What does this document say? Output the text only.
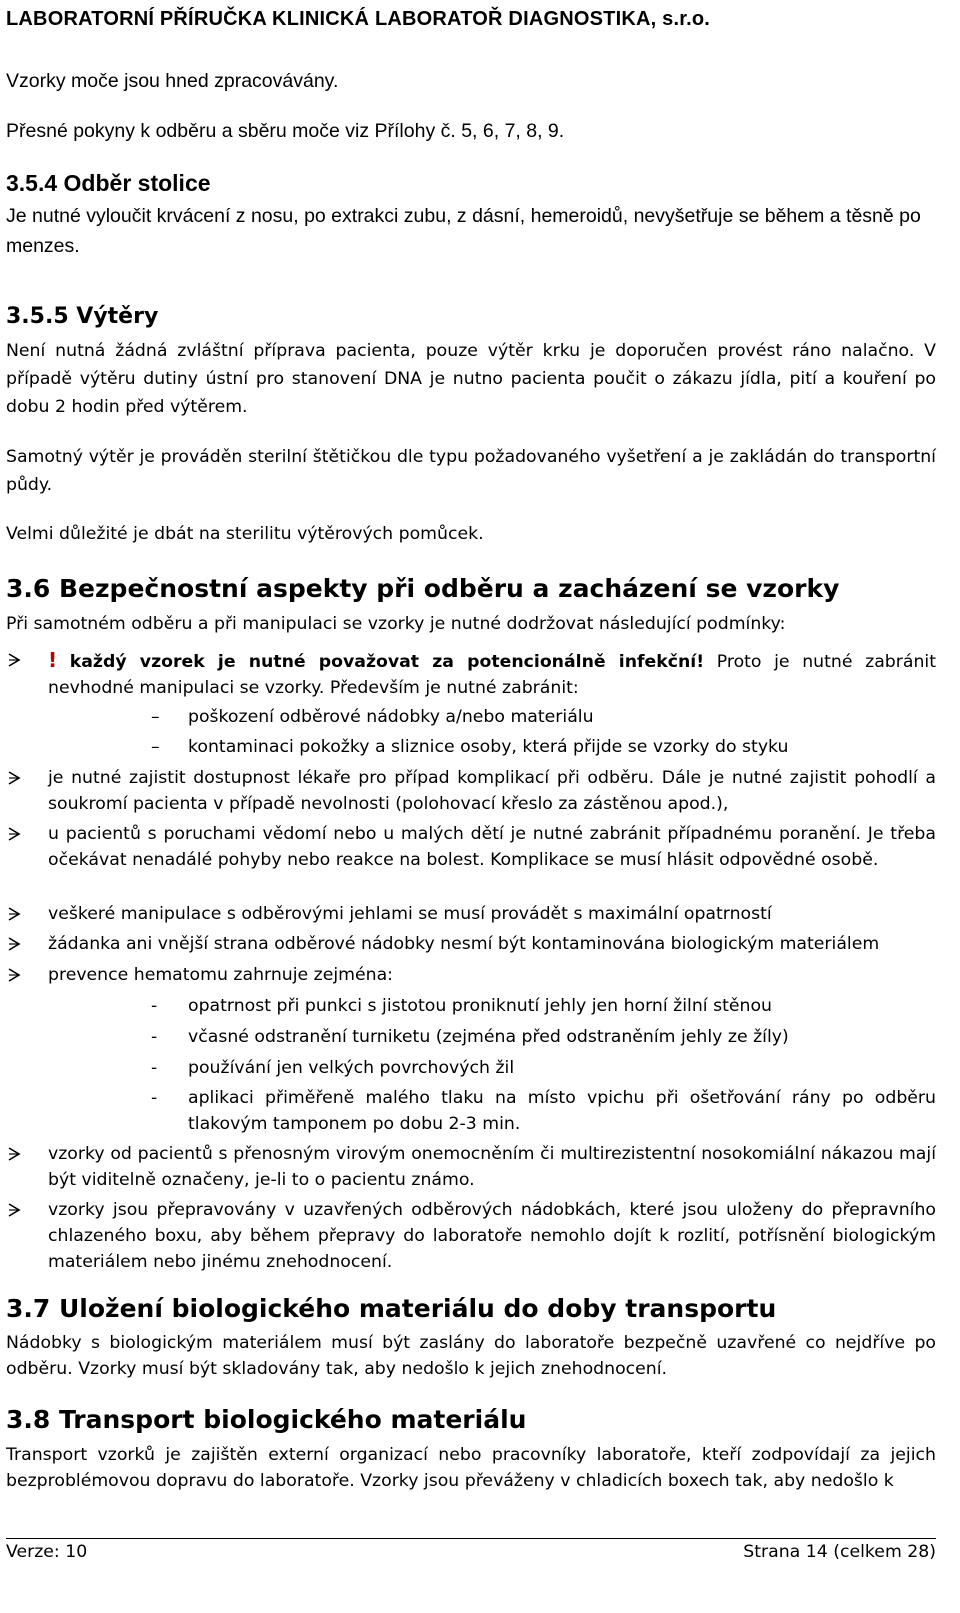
LABORATORNÍ PŘÍRUČKA KLINICKÁ LABORATOŘ DIAGNOSTIKA, s.r.o.
Vzorky moče jsou hned zpracovávány.
Přesné pokyny k odběru a sběru moče viz Přílohy č. 5, 6, 7, 8, 9.
3.5.4 Odběr stolice
Je nutné vyloučit krvácení z nosu, po extrakci zubu, z dásní, hemeroidů, nevyšetřuje se během a těsně po menzes.
3.5.5 Výtěry
Není nutná žádná zvláštní příprava pacienta, pouze výtěr krku je doporučen provést ráno nalačno. V případě výtěru dutiny ústní pro stanovení DNA je nutno pacienta poučit o zákazu jídla, pití a kouření po dobu 2 hodin před výtěrem.
Samotný výtěr je prováděn sterilní štětičkou dle typu požadovaného vyšetření a je zakládán do transportní půdy.
Velmi důležité je dbát na sterilitu výtěrových pomůcek.
3.6 Bezpečnostní aspekty při odběru a zacházení se vzorky
Při samotném odběru a při manipulaci se vzorky je nutné dodržovat následující podmínky:
! každý vzorek je nutné považovat za potencionálně infekční! Proto je nutné zabránit nevhodné manipulaci se vzorky. Především je nutné zabránit:
– poškození odběrové nádobky a/nebo materiálu
– kontaminaci pokožky a sliznice osoby, která přijde se vzorky do styku
je nutné zajistit dostupnost lékaře pro případ komplikací při odběru. Dále je nutné zajistit pohodlí a soukromí pacienta v případě nevolnosti (polohovací křeslo za zástěnou apod.),
u pacientů s poruchami vědomí nebo u malých dětí je nutné zabránit případnému poranění. Je třeba očekávat nenadálé pohyby nebo reakce na bolest. Komplikace se musí hlásit odpovědné osobě.
veškeré manipulace s odběrovými jehlami se musí provádět s maximální opatrností
žádanka ani vnější strana odběrové nádobky nesmí být kontaminována biologickým materiálem
prevence hematomu zahrnuje zejména:
- opatrnost při punkci s jistotou proniknutí jehly jen horní žilní stěnou
- včasné odstranění turniketu (zejména před odstraněním jehly ze žíly)
- používání jen velkých povrchových žil
- aplikaci přiměřeně malého tlaku na místo vpichu při ošetřování rány po odběru tlakovým tamponem po dobu 2-3 min.
vzorky od pacientů s přenosným virovým onemocněním či multirezistentní nosokomiální nákazou mají být viditelně označeny, je-li to o pacientu známo.
vzorky jsou přepravovány v uzavřených odběrových nádobkách, které jsou uloženy do přepravního chlazeného boxu, aby během přepravy do laboratoře nemohlo dojít k rozlití, potřísnění biologickým materiálem nebo jinému znehodnocení.
3.7 Uložení biologického materiálu do doby transportu
Nádobky s biologickým materiálem musí být zaslány do laboratoře bezpečně uzavřené co nejdříve po odběru. Vzorky musí být skladovány tak, aby nedošlo k jejich znehodnocení.
3.8 Transport biologického materiálu
Transport vzorků je zajištěn externí organizací nebo pracovníky laboratoře, kteří zodpovídají za jejich bezproblémovou dopravu do laboratoře. Vzorky jsou převáženy v chladicích boxech tak, aby nedošlo k
Verze: 10	Strana 14 (celkem 28)
